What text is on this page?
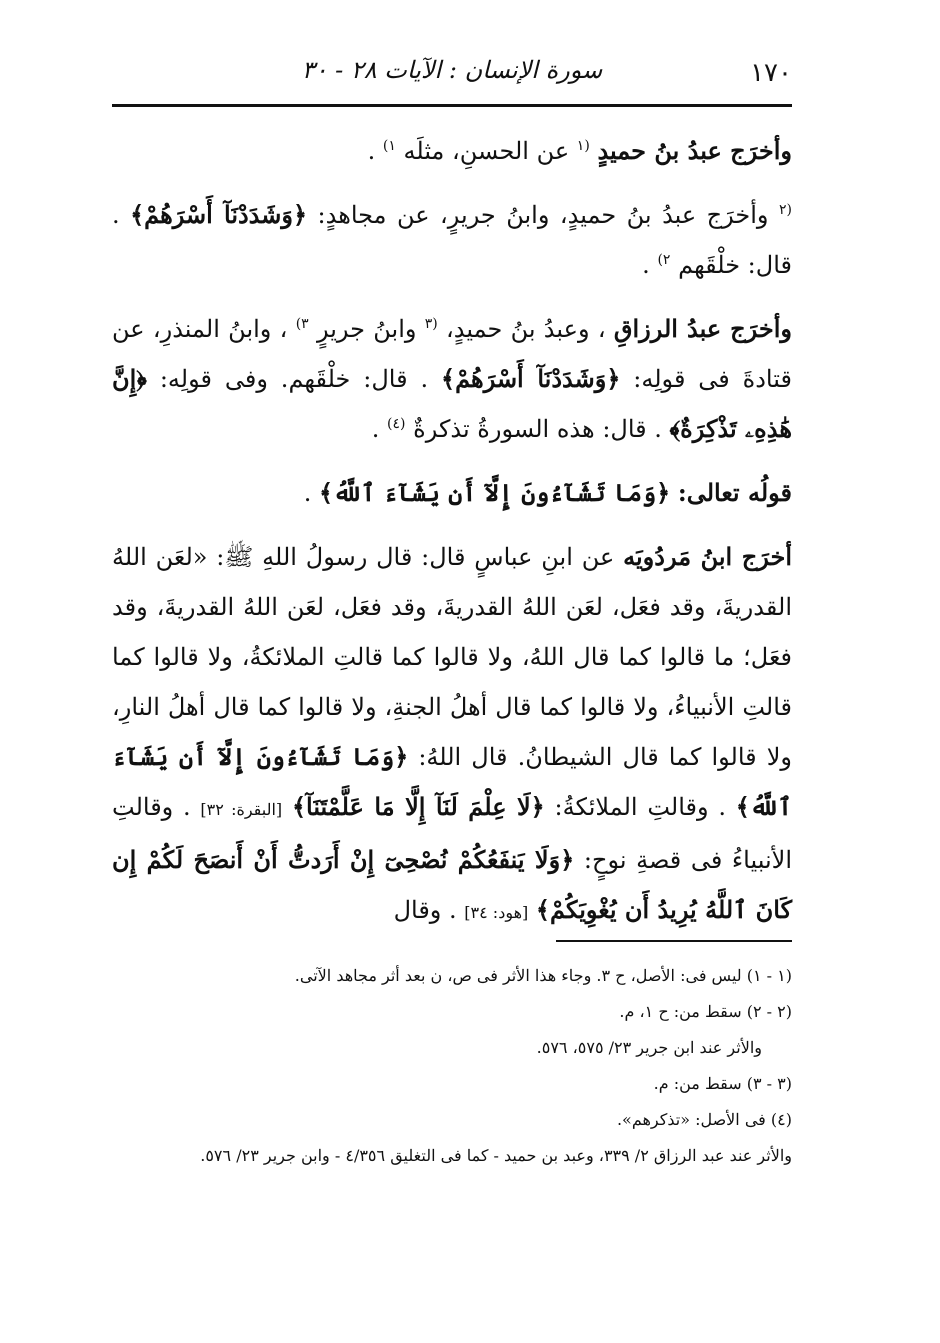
١٧٠
سورة الإنسان : الآيات ٢٨ - ٣٠

وأخرَج عبدُ بنُ حميدٍ $^{(١}$ عن الحسنِ، مثلَه $^{١)}$ .

$^{(٢}$ وأخرَج عبدُ بنُ حميدٍ، وابنُ جريرٍ، عن مجاهدٍ: ﴿وَشَدَدْنَآ أَسْرَهُمْ﴾ . قال: خلْقَهم $^{٢)}$ .

وأخرَج عبدُ الرزاقِ ، وعبدُ بنُ حميدٍ، $^{(٣}$ وابنُ جريرٍ $^{٣)}$ ، وابنُ المنذرِ، عن قتادةَ فى قولِه: ﴿وَشَدَدْنَآ أَسْرَهُمْ﴾ . قال: خلْقَهم. وفى قولِه: ﴿إِنَّ هَٰذِهِۦ تَذْكِرَةٌ﴾ . قال: هذه السورةُ تذكرةٌ $^{(٤)}$ .

قولُه تعالى: ﴿وَمَا تَشَآءُونَ إِلَّآ أَن يَشَآءَ ٱللَّهُ﴾ .

أخرَج ابنُ مَردُويَه عن ابنِ عباسٍ قال: قال رسولُ اللهِ ﷺ: «لعَن اللهُ القدريةَ، وقد فعَل، لعَن اللهُ القدريةَ، وقد فعَل، لعَن اللهُ القدريةَ، وقد فعَل؛ ما قالوا كما قال اللهُ، ولا قالوا كما قالتِ الملائكةُ، ولا قالوا كما قالتِ الأنبياءُ، ولا قالوا كما قال أهلُ الجنةِ، ولا قالوا كما قال أهلُ النارِ، ولا قالوا كما قال الشيطانُ. قال اللهُ: ﴿وَمَا تَشَآءُونَ إِلَّآ أَن يَشَآءَ ٱللَّهُ﴾ . وقالتِ الملائكةُ: ﴿لَا عِلْمَ لَنَآ إِلَّا مَا عَلَّمْتَنَآ﴾ [البقرة: ٣٢] . وقالتِ الأنبياءُ فى قصةِ نوحٍ: ﴿وَلَا يَنفَعُكُمْ نُصْحِىٓ إِنْ أَرَدتُّ أَنْ أَنصَحَ لَكُمْ إِن كَانَ ٱللَّهُ يُرِيدُ أَن يُغْوِيَكُمْ﴾ [هود: ٣٤] . وقال

(١ - ١) ليس فى: الأصل، ح ٣. وجاء هذا الأثر فى ص، ن بعد أثر مجاهد الآتى.

(٢ - ٢) سقط من: ح ١، م.

والأثر عند ابن جرير ٢٣/ ٥٧٥، ٥٧٦.

(٣ - ٣) سقط من: م.

(٤) فى الأصل: «تذكرهم».

والأثر عند عبد الرزاق ٢/ ٣٣٩، وعبد بن حميد - كما فى التغليق ٤/٣٥٦ - وابن جرير ٢٣/ ٥٧٦.
